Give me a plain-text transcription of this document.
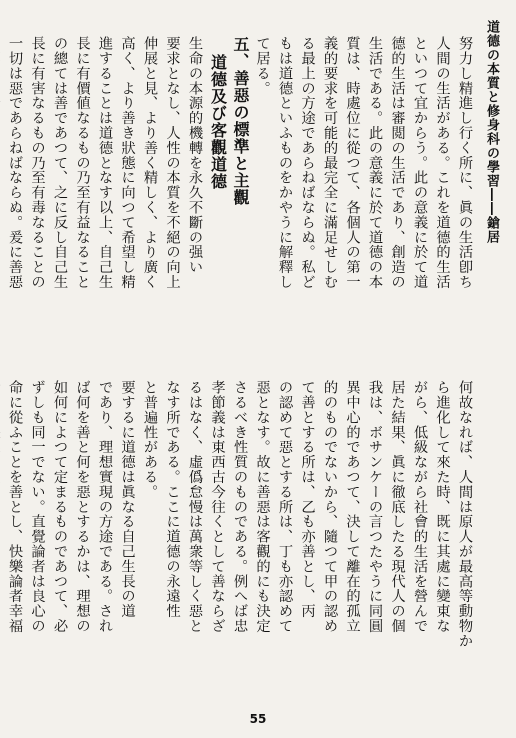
道德の本質と修身科の學習――鎗居

努力し精進し行く所に、眞の生活卽ち

人間の生活がある。これを道德的生活

といつて宜からう。此の意義に於て道

德的生活は審閲の生活であり、創造の

生活である。此の意義に於て道德の本

質は、時處位に從つて、各個人の第一

義的要求を可能的最完全に滿足せしむ

る最上の方途であらねばならぬ。私ど

もは道德といふものをかやうに解釋し

て居る。

五、善惡の標準と主觀

道德及び客觀道德

生命の本源的機轉を永久不斷の强い

要求となし、人性の本質を不絕の向上

伸展と見、より善く精しく、より廣く

高く、より善き狀態に向つて希望し精

進することは道德となす以上、自己生

長に有價値なるもの乃至有益なること

の總ては善であつて、之に反し自己生

長に有害なるもの乃至有毒なることの

一切は惡であらねばならぬ。爰に善惡

何故なれば、人間は原人が最高等動物か

ら進化して來た時、既に其處に變東な

がら、低級ながら社會的生活を營んで

居た結果、眞に徹底したる現代人の個

我は、ボサンケーの言つたやうに同圓

異中心的であつて、決して離在的孤立

的のものでないから、隨つて甲の認め

て善とする所は、乙も亦善とし、丙

の認めて惡とする所は、丁も亦認めて

惡となす。故に善惡は客觀的にも決定

さるべき性質のものである。例へば忠

孝節義は東西古今往くとして善ならざ

るはなく、虛僞怠慢は萬衆等しく惡と

なす所である。ここに道德の永遠性

と普遍性がある。

要するに道德は眞なる自己生長の道

であり、理想實現の方途である。され

ば何を善と何を惡とするかは、理想の

如何によつて定まるものであつて、必

ずしも同一でない。直覺論者は良心の

命に從ふことを善とし、快樂論者幸福

55
